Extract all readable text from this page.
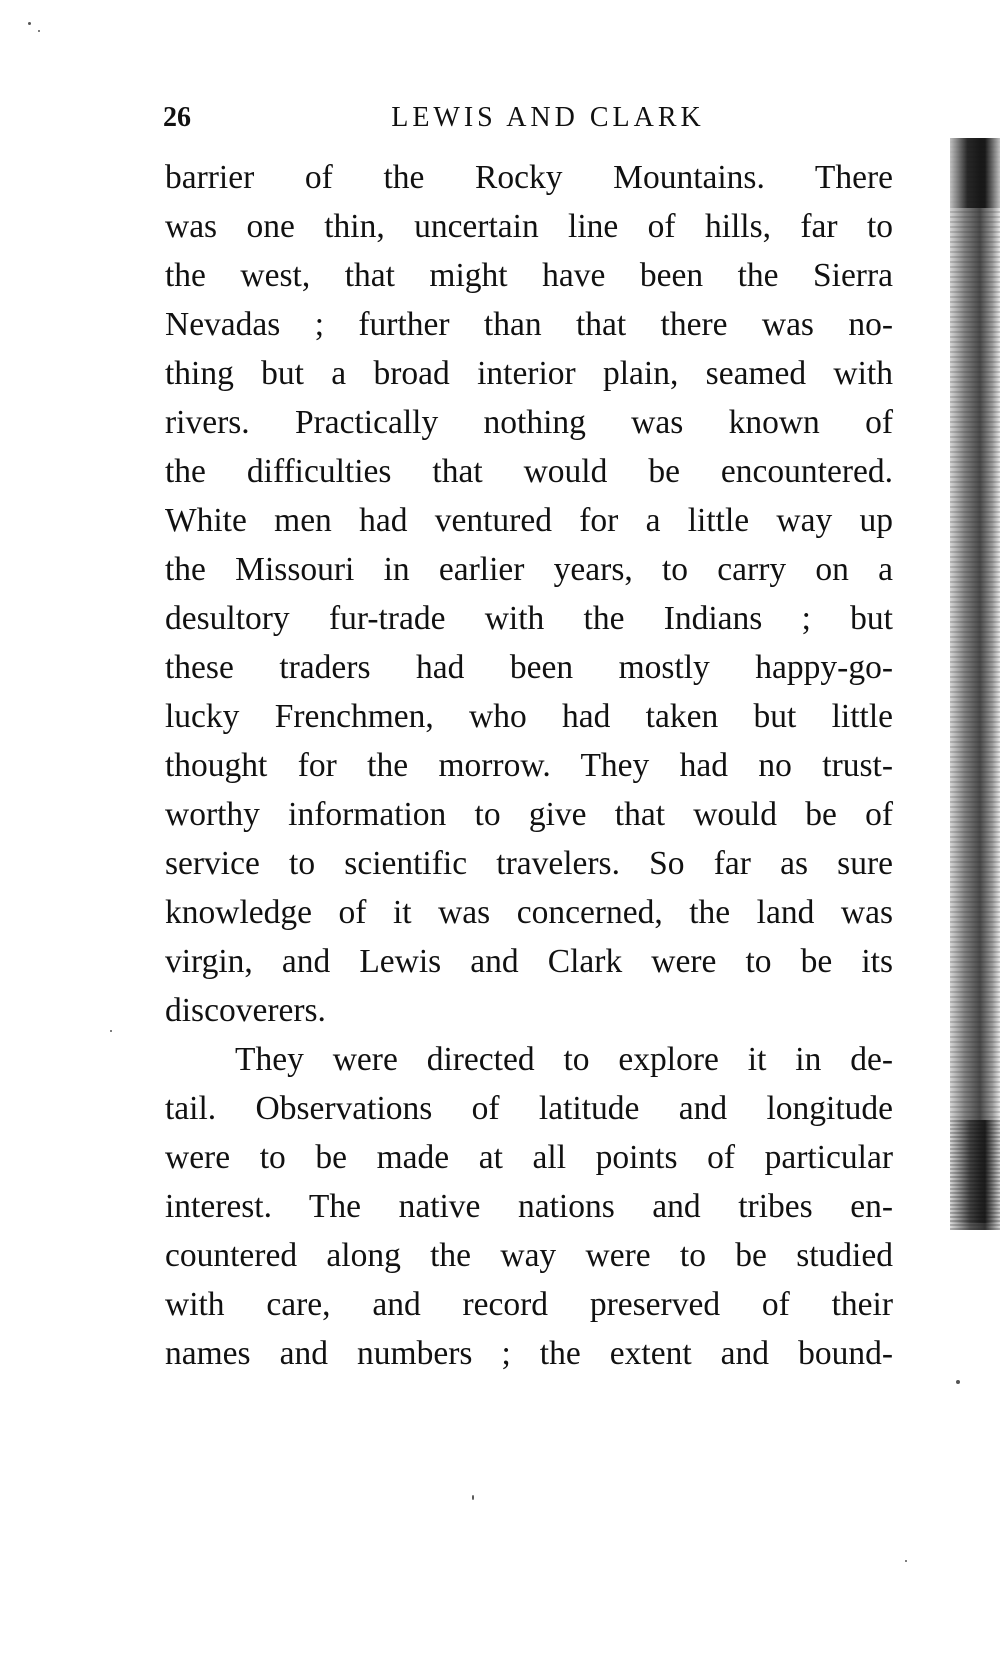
26	LEWIS AND CLARK
barrier of the Rocky Mountains. There
was one thin, uncertain line of hills, far to
the west, that might have been the Sierra
Nevadas ; further than that there was no-
thing but a broad interior plain, seamed with
rivers. Practically nothing was known of
the difficulties that would be encountered.
White men had ventured for a little way up
the Missouri in earlier years, to carry on a
desultory fur-trade with the Indians ; but
these traders had been mostly happy-go-
lucky Frenchmen, who had taken but little
thought for the morrow. They had no trust-
worthy information to give that would be of
service to scientific travelers. So far as sure
knowledge of it was concerned, the land was
virgin, and Lewis and Clark were to be its
discoverers.
They were directed to explore it in de-
tail. Observations of latitude and longitude
were to be made at all points of particular
interest. The native nations and tribes en-
countered along the way were to be studied
with care, and record preserved of their
names and numbers ; the extent and bound-
